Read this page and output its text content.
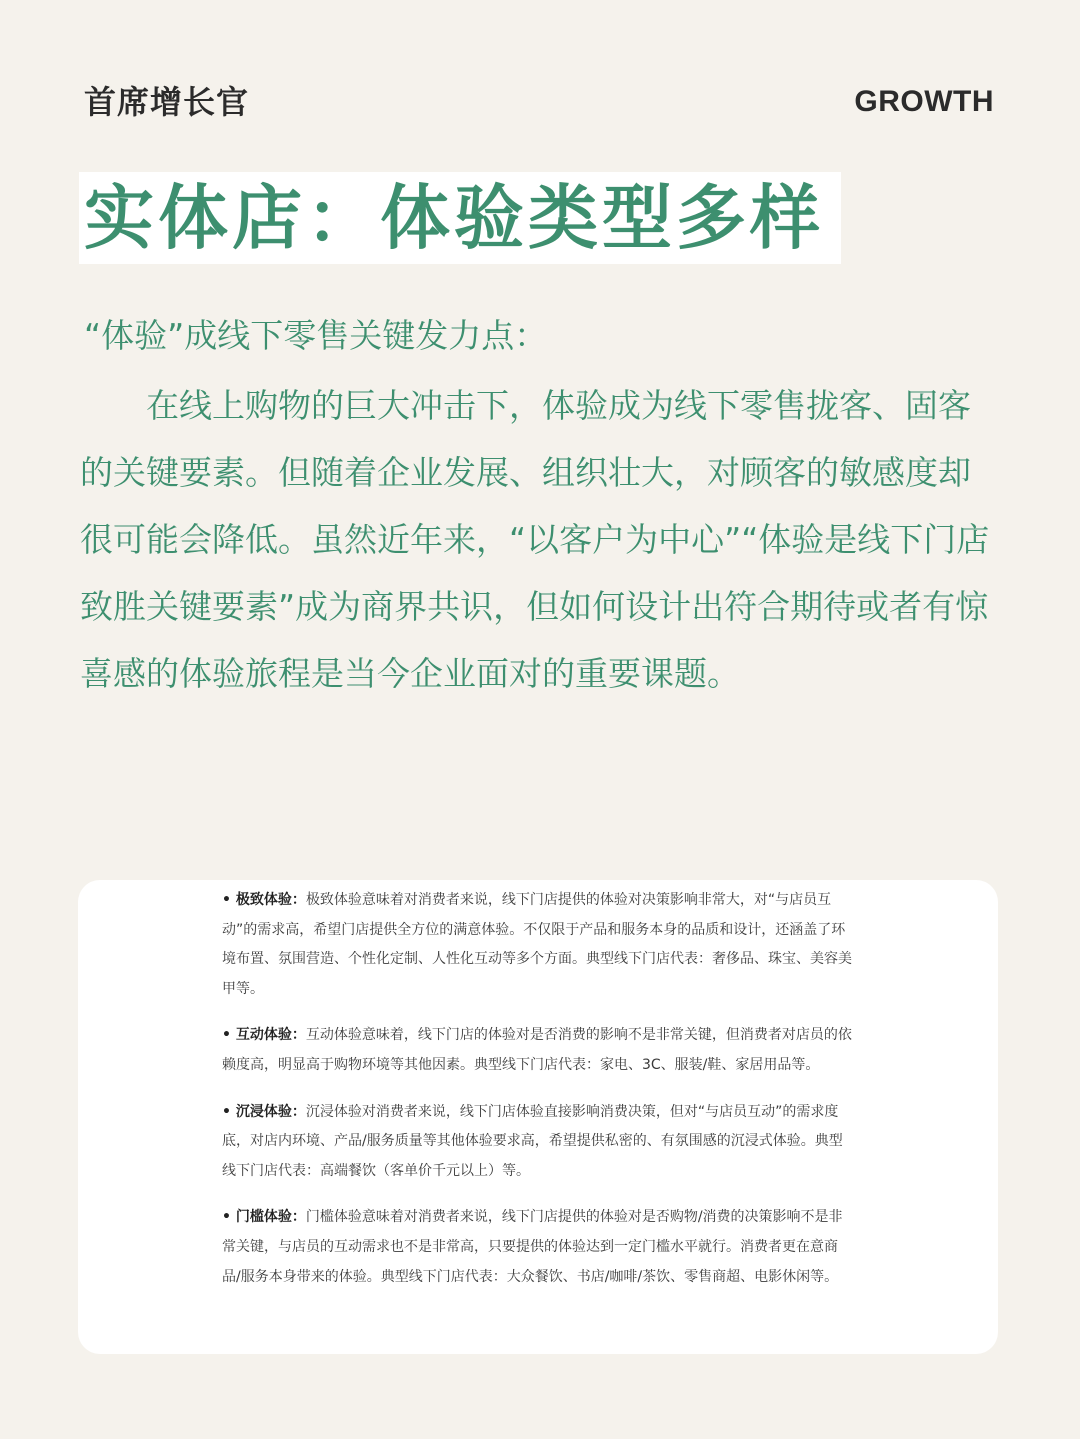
首席增长官	GROWTH
实体店：体验类型多样
“体验”成线下零售关键发力点：

在线上购物的巨大冲击下，体验成为线下零售拢客、固客的关键要素。但随着企业发展、组织壮大，对顾客的敏感度却很可能会降低。虽然近年来，“以客户为中心”“体验是线下门店致胜关键要素”成为商界共识，但如何设计出符合期待或者有惊喜感的体验旅程是当今企业面对的重要课题。

• 极致体验：极致体验意味着对消费者来说，线下门店提供的体验对决策影响非常大，对“与店员互动”的需求高，希望门店提供全方位的满意体验。不仅限于产品和服务本身的品质和设计，还涵盖了环境布置、氛围营造、个性化定制、人性化互动等多个方面。典型线下门店代表：奢侈品、珠宝、美容美甲等。
• 互动体验：互动体验意味着，线下门店的体验对是否消费的影响不是非常关键，但消费者对店员的依赖度高，明显高于购物环境等其他因素。典型线下门店代表：家电、3C、服装/鞋、家居用品等。
• 沉浸体验：沉浸体验对消费者来说，线下门店体验直接影响消费决策，但对“与店员互动”的需求度底，对店内环境、产品/服务质量等其他体验要求高，希望提供私密的、有氛围感的沉浸式体验。典型线下门店代表：高端餐饮（客单价千元以上）等。
• 门槛体验：门槛体验意味着对消费者来说，线下门店提供的体验对是否购物/消费的决策影响不是非常关键，与店员的互动需求也不是非常高，只要提供的体验达到一定门槛水平就行。消费者更在意商品/服务本身带来的体验。典型线下门店代表：大众餐饮、书店/咖啡/茶饮、零售商超、电影休闲等。
